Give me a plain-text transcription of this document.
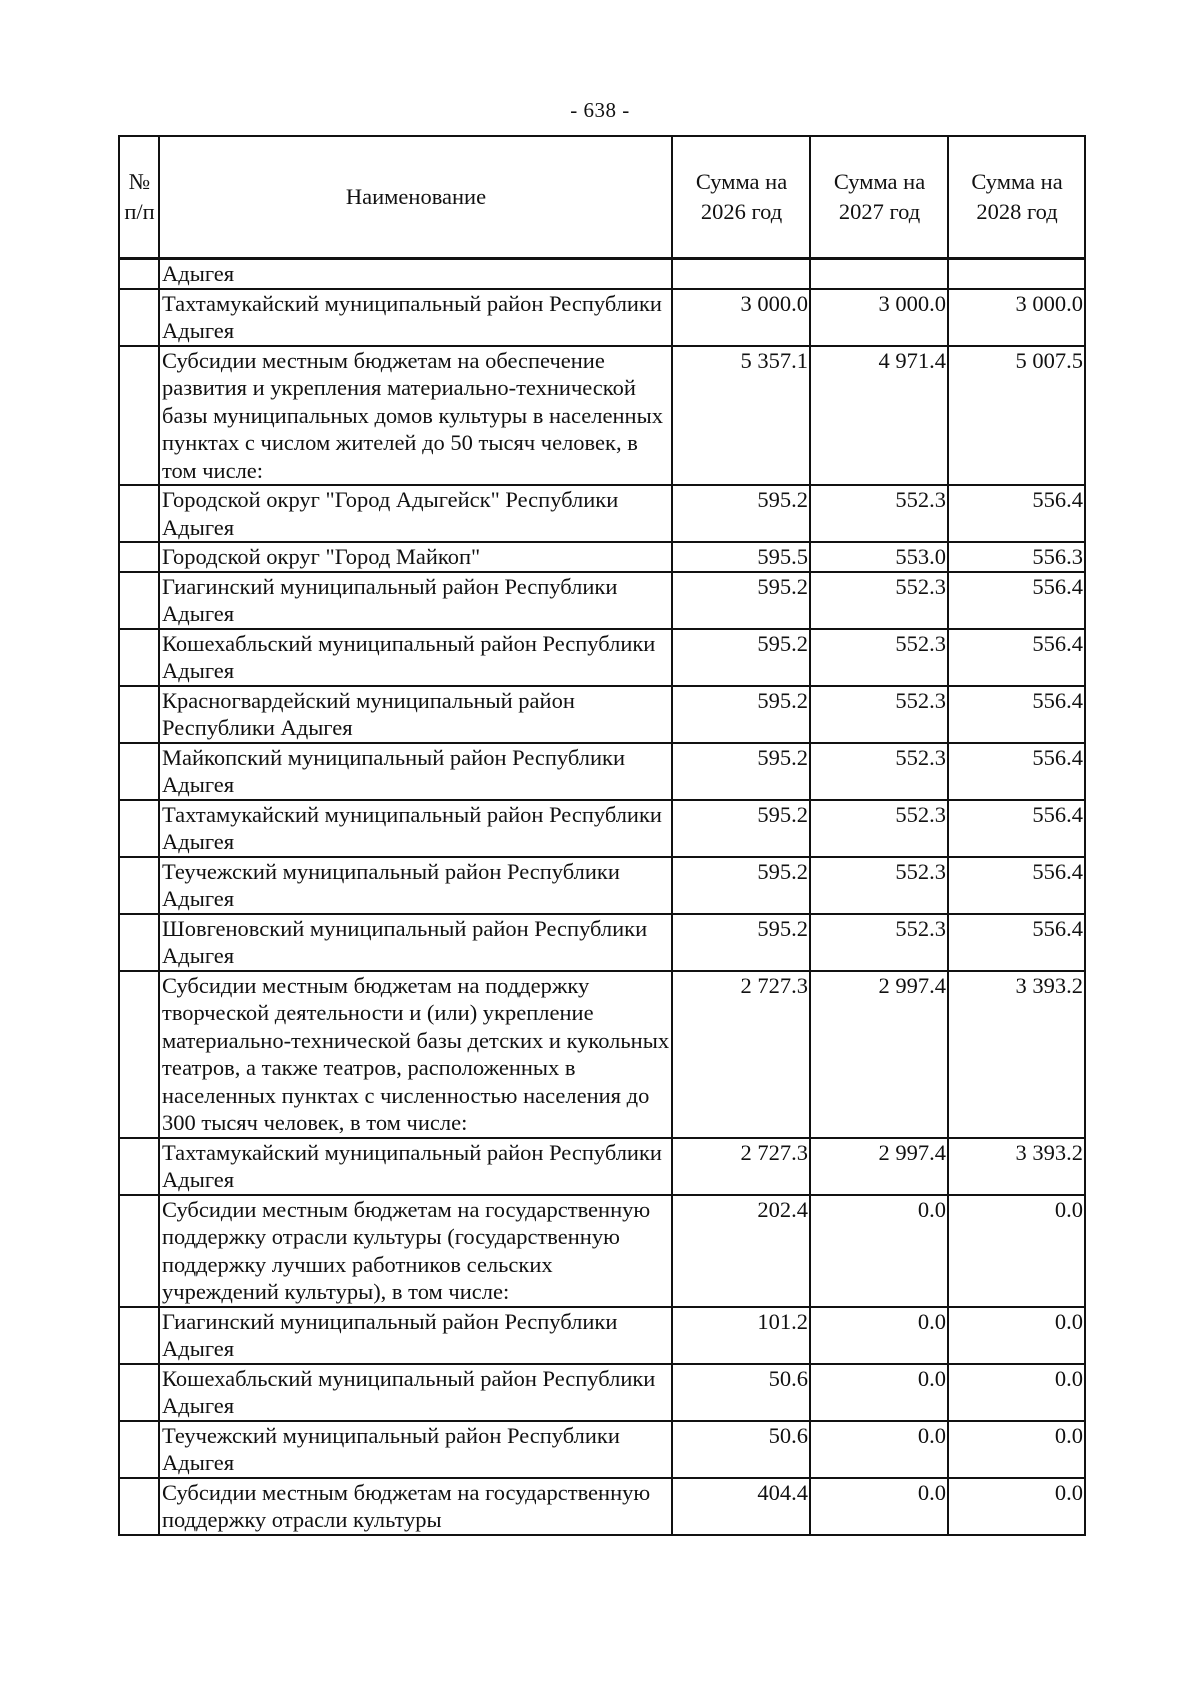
- 638 -
№ п/п	Наименование	Сумма на 2026 год	Сумма на 2027 год	Сумма на 2028 год
	Адыгея			
	Тахтамукайский муниципальный район Республики Адыгея	3 000.0	3 000.0	3 000.0
	Субсидии местным бюджетам на обеспечение развития и укрепления материально-технической базы муниципальных домов культуры в населенных пунктах с числом жителей до 50 тысяч человек, в том числе:	5 357.1	4 971.4	5 007.5
	Городской округ "Город Адыгейск" Республики Адыгея	595.2	552.3	556.4
	Городской округ "Город Майкоп"	595.5	553.0	556.3
	Гиагинский муниципальный район Республики Адыгея	595.2	552.3	556.4
	Кошехабльский муниципальный район Республики Адыгея	595.2	552.3	556.4
	Красногвардейский муниципальный район Республики Адыгея	595.2	552.3	556.4
	Майкопский муниципальный район Республики Адыгея	595.2	552.3	556.4
	Тахтамукайский муниципальный район Республики Адыгея	595.2	552.3	556.4
	Теучежский муниципальный район Республики Адыгея	595.2	552.3	556.4
	Шовгеновский муниципальный район Республики Адыгея	595.2	552.3	556.4
	Субсидии местным бюджетам на поддержку творческой деятельности и (или) укрепление материально-технической базы детских и кукольных театров, а также театров, расположенных в населенных пунктах с численностью населения до 300 тысяч человек, в том числе:	2 727.3	2 997.4	3 393.2
	Тахтамукайский муниципальный район Республики Адыгея	2 727.3	2 997.4	3 393.2
	Субсидии местным бюджетам на государственную поддержку отрасли культуры (государственную поддержку лучших работников сельских учреждений культуры), в том числе:	202.4	0.0	0.0
	Гиагинский муниципальный район Республики Адыгея	101.2	0.0	0.0
	Кошехабльский муниципальный район Республики Адыгея	50.6	0.0	0.0
	Теучежский муниципальный район Республики Адыгея	50.6	0.0	0.0
	Субсидии местным бюджетам на государственную поддержку отрасли культуры	404.4	0.0	0.0
